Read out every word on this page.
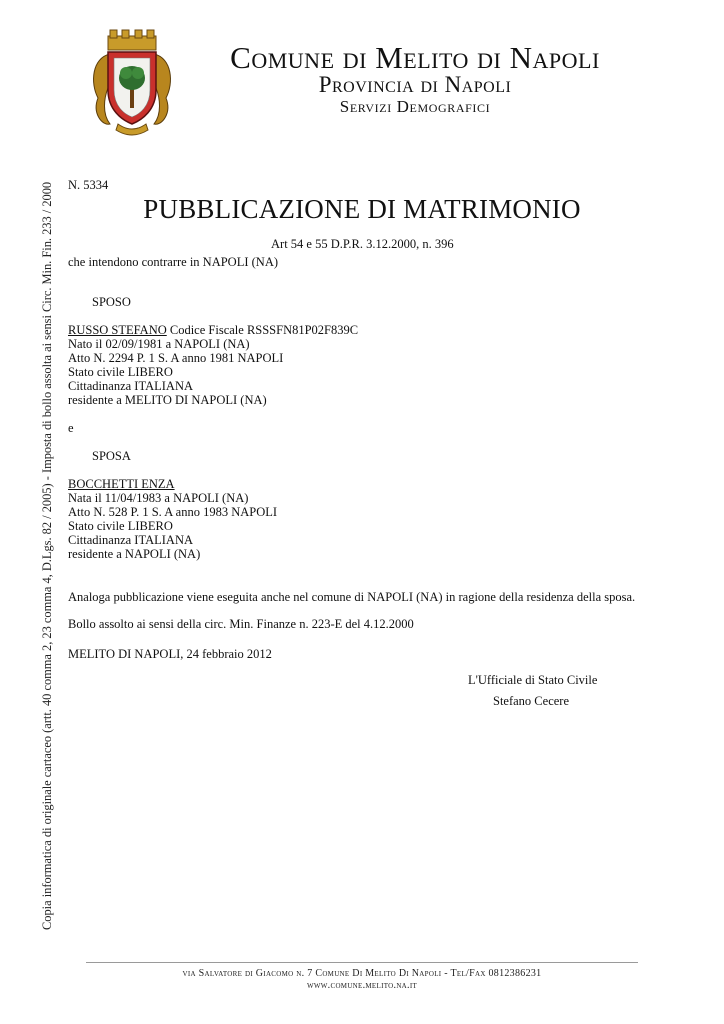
Comune di Melito di Napoli
Provincia di Napoli
Servizi Demografici
Copia informatica di originale cartaceo (artt. 40 comma 2, 23 comma 4, D.Lgs. 82 / 2005) - Imposta di bollo assolta ai sensi Circ. Min. Fin. 233 / 2000	N. 5334
PUBBLICAZIONE DI MATRIMONIO
Art 54 e 55 D.P.R. 3.12.2000, n. 396
che intendono contrarre in NAPOLI (NA)
SPOSO
RUSSO STEFANO Codice Fiscale RSSSFN81P02F839C
Nato il 02/09/1981 a NAPOLI (NA)
Atto N. 2294 P. 1 S. A anno 1981 NAPOLI
Stato civile LIBERO
Cittadinanza ITALIANA
residente a MELITO DI NAPOLI (NA)
e
SPOSA
BOCCHETTI ENZA
Nata il 11/04/1983 a NAPOLI (NA)
Atto N. 528 P. 1 S. A anno 1983 NAPOLI
Stato civile LIBERO
Cittadinanza ITALIANA
residente a NAPOLI (NA)
Analoga pubblicazione viene eseguita anche nel comune di NAPOLI (NA) in ragione della residenza della sposa.
Bollo assolto ai sensi della circ. Min. Finanze n. 223-E del 4.12.2000
MELITO DI NAPOLI, 24 febbraio 2012
L'Ufficiale di Stato Civile
Stefano Cecere
via Salvatore di Giacomo n. 7 Comune Di Melito Di Napoli - Tel/Fax 0812386231
www.comune.melito.na.it
